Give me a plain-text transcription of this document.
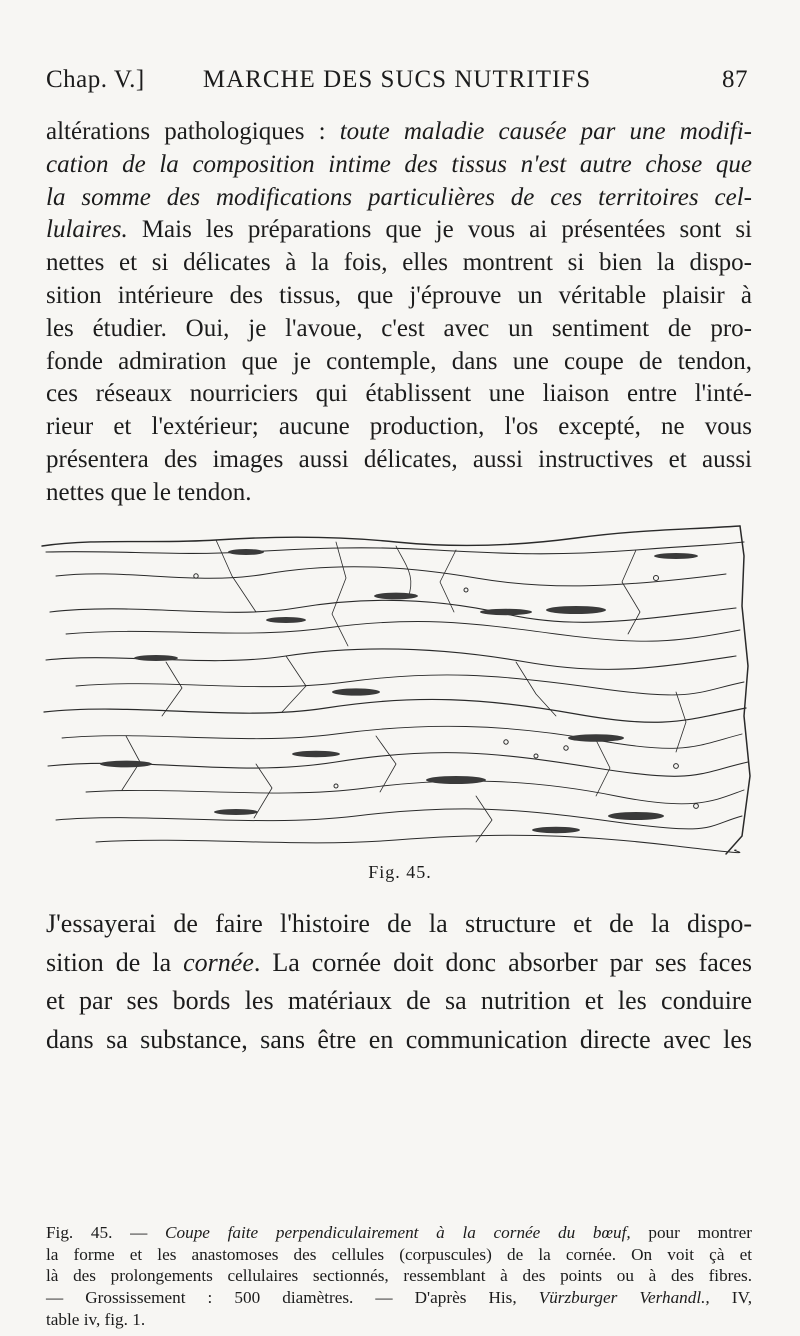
MARCHE DES SUCS NUTRITIFS
Chap. V.]	87
altérations pathologiques : toute maladie causée par une modifi-
cation de la composition intime des tissus n'est autre chose que
la somme des modifications particulières de ces territoires cel-
lulaires. Mais les préparations que je vous ai présentées sont si
nettes et si délicates à la fois, elles montrent si bien la dispo-
sition intérieure des tissus, que j'éprouve un véritable plaisir à
les étudier. Oui, je l'avoue, c'est avec un sentiment de pro-
fonde admiration que je contemple, dans une coupe de tendon,
ces réseaux nourriciers qui établissent une liaison entre l'inté-
rieur et l'extérieur; aucune production, l'os excepté, ne vous
présentera des images aussi délicates, aussi instructives et aussi
nettes que le tendon.
Fig. 45.
J'essayerai de faire l'histoire de la structure et de la dispo-
sition de la cornée. La cornée doit donc absorber par ses faces
et par ses bords les matériaux de sa nutrition et les conduire
dans sa substance, sans être en communication directe avec les
Fig. 45. — Coupe faite perpendiculairement à la cornée du bœuf, pour montrer
la forme et les anastomoses des cellules (corpuscules) de la cornée. On voit çà et
là des prolongements cellulaires sectionnés, ressemblant à des points ou à des fibres.
— Grossissement : 500 diamètres. — D'après His, Vürzburger Verhandl., IV,
table iv, fig. 1.
